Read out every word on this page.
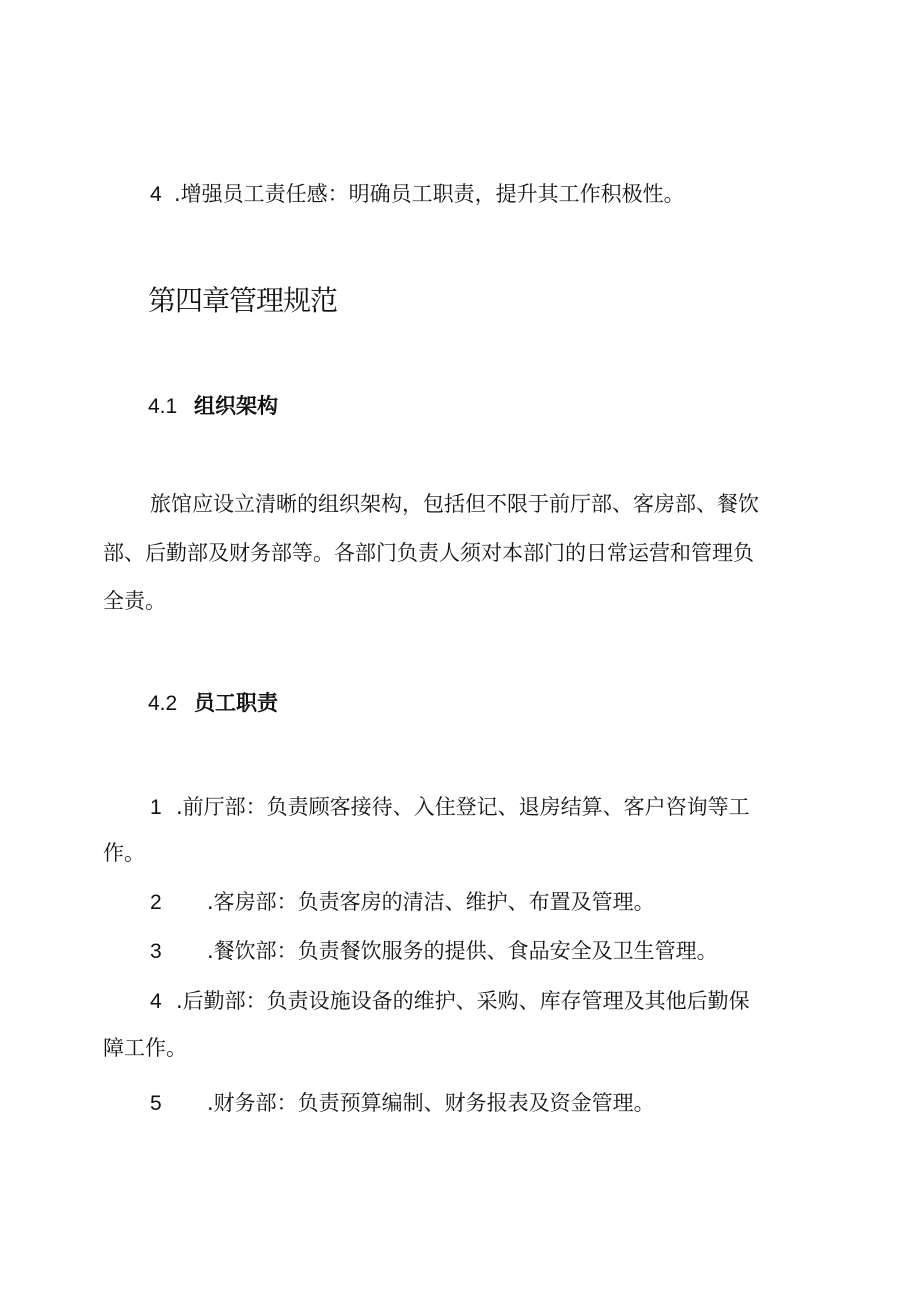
4 .增强员工责任感：明确员工职责，提升其工作积极性。

第四章管理规范
4.1 组织架构

旅馆应设立清晰的组织架构，包括但不限于前厅部、客房部、餐饮

部、后勤部及财务部等。各部门负责人须对本部门的日常运营和管理负

全责。

4.2 员工职责

1 .前厅部：负责顾客接待、入住登记、退房结算、客户咨询等工

作。

2 .客房部：负责客房的清洁、维护、布置及管理。

3 .餐饮部：负责餐饮服务的提供、食品安全及卫生管理。

4 .后勤部：负责设施设备的维护、采购、库存管理及其他后勤保

障工作。

5 .财务部：负责预算编制、财务报表及资金管理。
